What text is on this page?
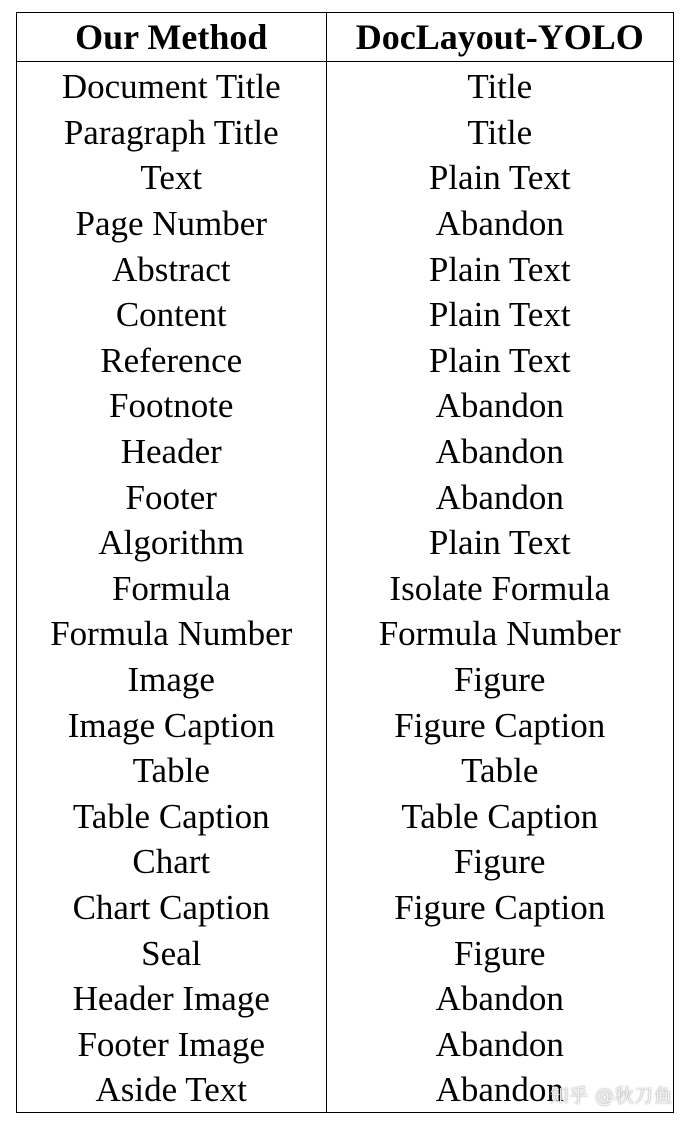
Our Method	DocLayout-YOLO
Document Title	Title
Paragraph Title	Title
Text	Plain Text
Page Number	Abandon
Abstract	Plain Text
Content	Plain Text
Reference	Plain Text
Footnote	Abandon
Header	Abandon
Footer	Abandon
Algorithm	Plain Text
Formula	Isolate Formula
Formula Number	Formula Number
Image	Figure
Image Caption	Figure Caption
Table	Table
Table Caption	Table Caption
Chart	Figure
Chart Caption	Figure Caption
Seal	Figure
Header Image	Abandon
Footer Image	Abandon
Aside Text	Abandon
知乎 @秋刀鱼
